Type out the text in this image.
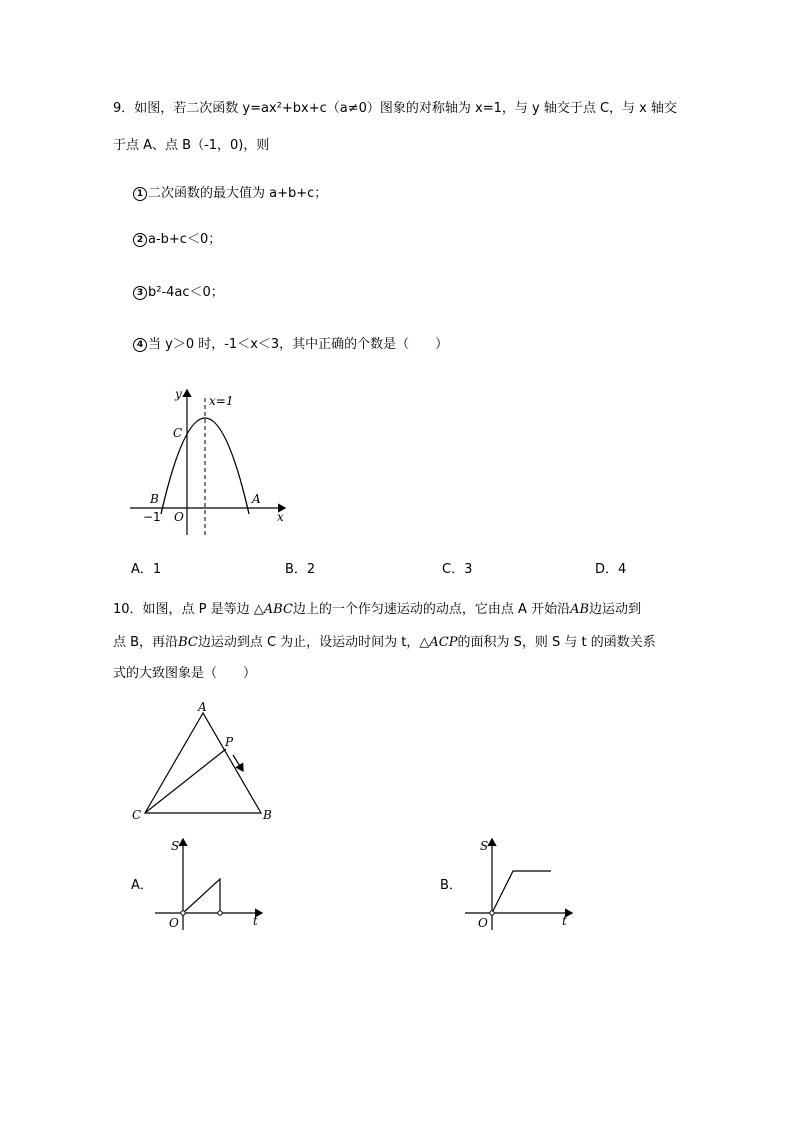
9．如图，若二次函数 y=ax²+bx+c（a≠0）图象的对称轴为 x=1，与 y 轴交于点 C，与 x 轴交
于点 A、点 B（-1，0)，则
1 二次函数的最大值为 a+b+c；
2 a-b+c＜0；
3 b²-4ac＜0；
4 当 y＞0 时，-1＜x＜3，其中正确的个数是（　　）
y x=1
C
B	A
−1 O	x
A．1	B．2	C．3	D．4
10．如图，点 P 是等边 △ABC边上的一个作匀速运动的动点，它由点 A 开始沿AB边运动到
点 B，再沿BC边运动到点 C 为止，设运动时间为 t，△ACP的面积为 S，则 S 与 t 的函数关系
式的大致图象是（　　）
A
P
C	B
A．
S
O	t
B．
S
O	t
